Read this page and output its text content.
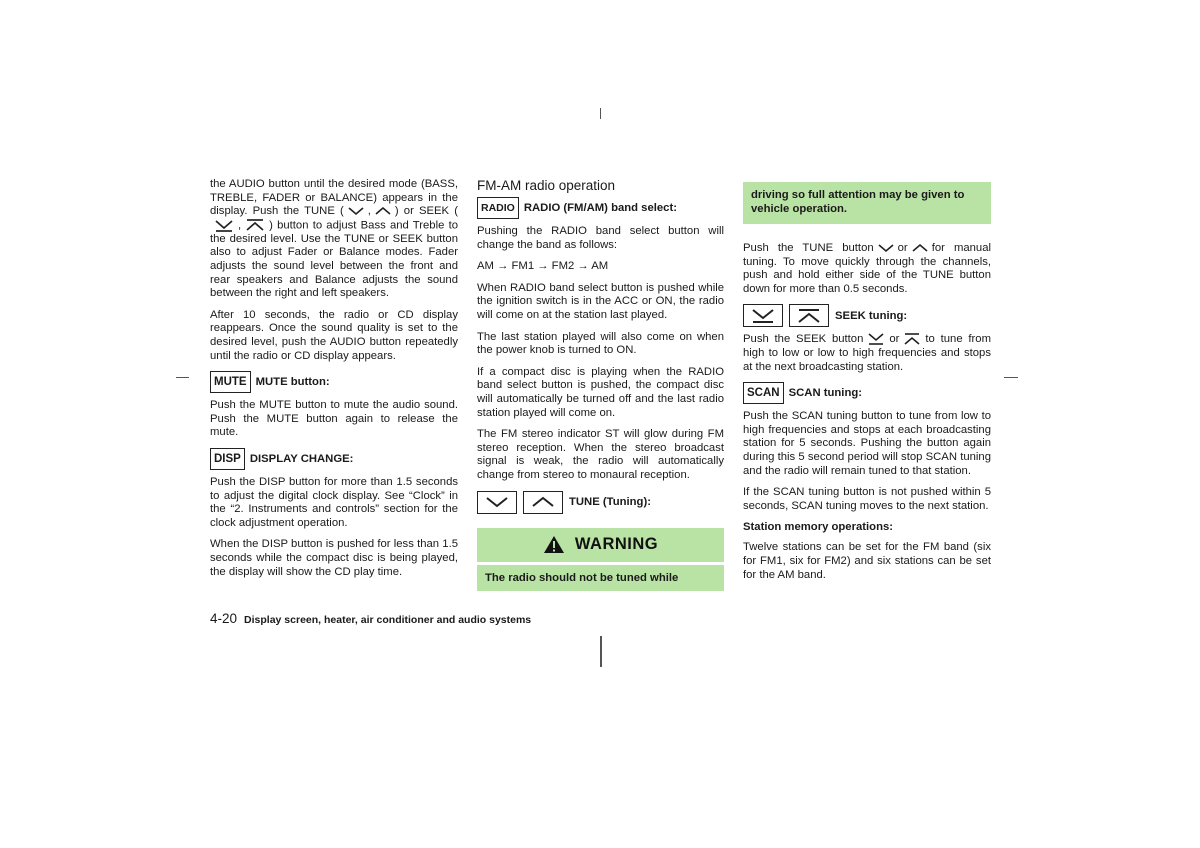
the AUDIO button until the desired mode (BASS, TREBLE, FADER or BALANCE) appears in the display. Push the TUNE ( , ) or SEEK (, ) button to adjust Bass and Treble to the desired level. Use the TUNE or SEEK button also to adjust Fader or Balance modes. Fader adjusts the sound level between the front and rear speakers and Balance adjusts the sound between the right and left speakers.

After 10 seconds, the radio or CD display reappears. Once the sound quality is set to the desired level, push the AUDIO button repeatedly until the radio or CD display appears.

MUTE MUTE button:

Push the MUTE button to mute the audio sound. Push the MUTE button again to release the mute.

DISP DISPLAY CHANGE:

Push the DISP button for more than 1.5 seconds to adjust the digital clock display. See “Clock” in the “2. Instruments and controls” section for the clock adjustment operation.

When the DISP button is pushed for less than 1.5 seconds while the compact disc is being played, the display will show the CD play time.

FM-AM radio operation
RADIO RADIO (FM/AM) band select:

Pushing the RADIO band select button will change the band as follows:

AM → FM1 → FM2 → AM

When RADIO band select button is pushed while the ignition switch is in the ACC or ON, the radio will come on at the station last played.

The last station played will also come on when the power knob is turned to ON.

If a compact disc is playing when the RADIO band select button is pushed, the compact disc will automatically be turned off and the last radio station played will come on.

The FM stereo indicator ST will glow during FM stereo reception. When the stereo broadcast signal is weak, the radio will automatically change from stereo to monaural reception.

TUNE (Tuning):
WARNING
The radio should not be tuned while
driving so full attention may be given to vehicle operation.

Push the TUNE button or for manual tuning. To move quickly through the channels, push and hold either side of the TUNE button down for more than 0.5 seconds.

SEEK tuning:

Push the SEEK button or to tune from high to low or low to high frequencies and stops at the next broadcasting station.

SCAN SCAN tuning:

Push the SCAN tuning button to tune from low to high frequencies and stops at each broadcasting station for 5 seconds. Pushing the button again during this 5 second period will stop SCAN tuning and the radio will remain tuned to that station.

If the SCAN tuning button is not pushed within 5 seconds, SCAN tuning moves to the next station.

Station memory operations:

Twelve stations can be set for the FM band (six for FM1, six for FM2) and six stations can be set for the AM band.

4-20 Display screen, heater, air conditioner and audio systems
